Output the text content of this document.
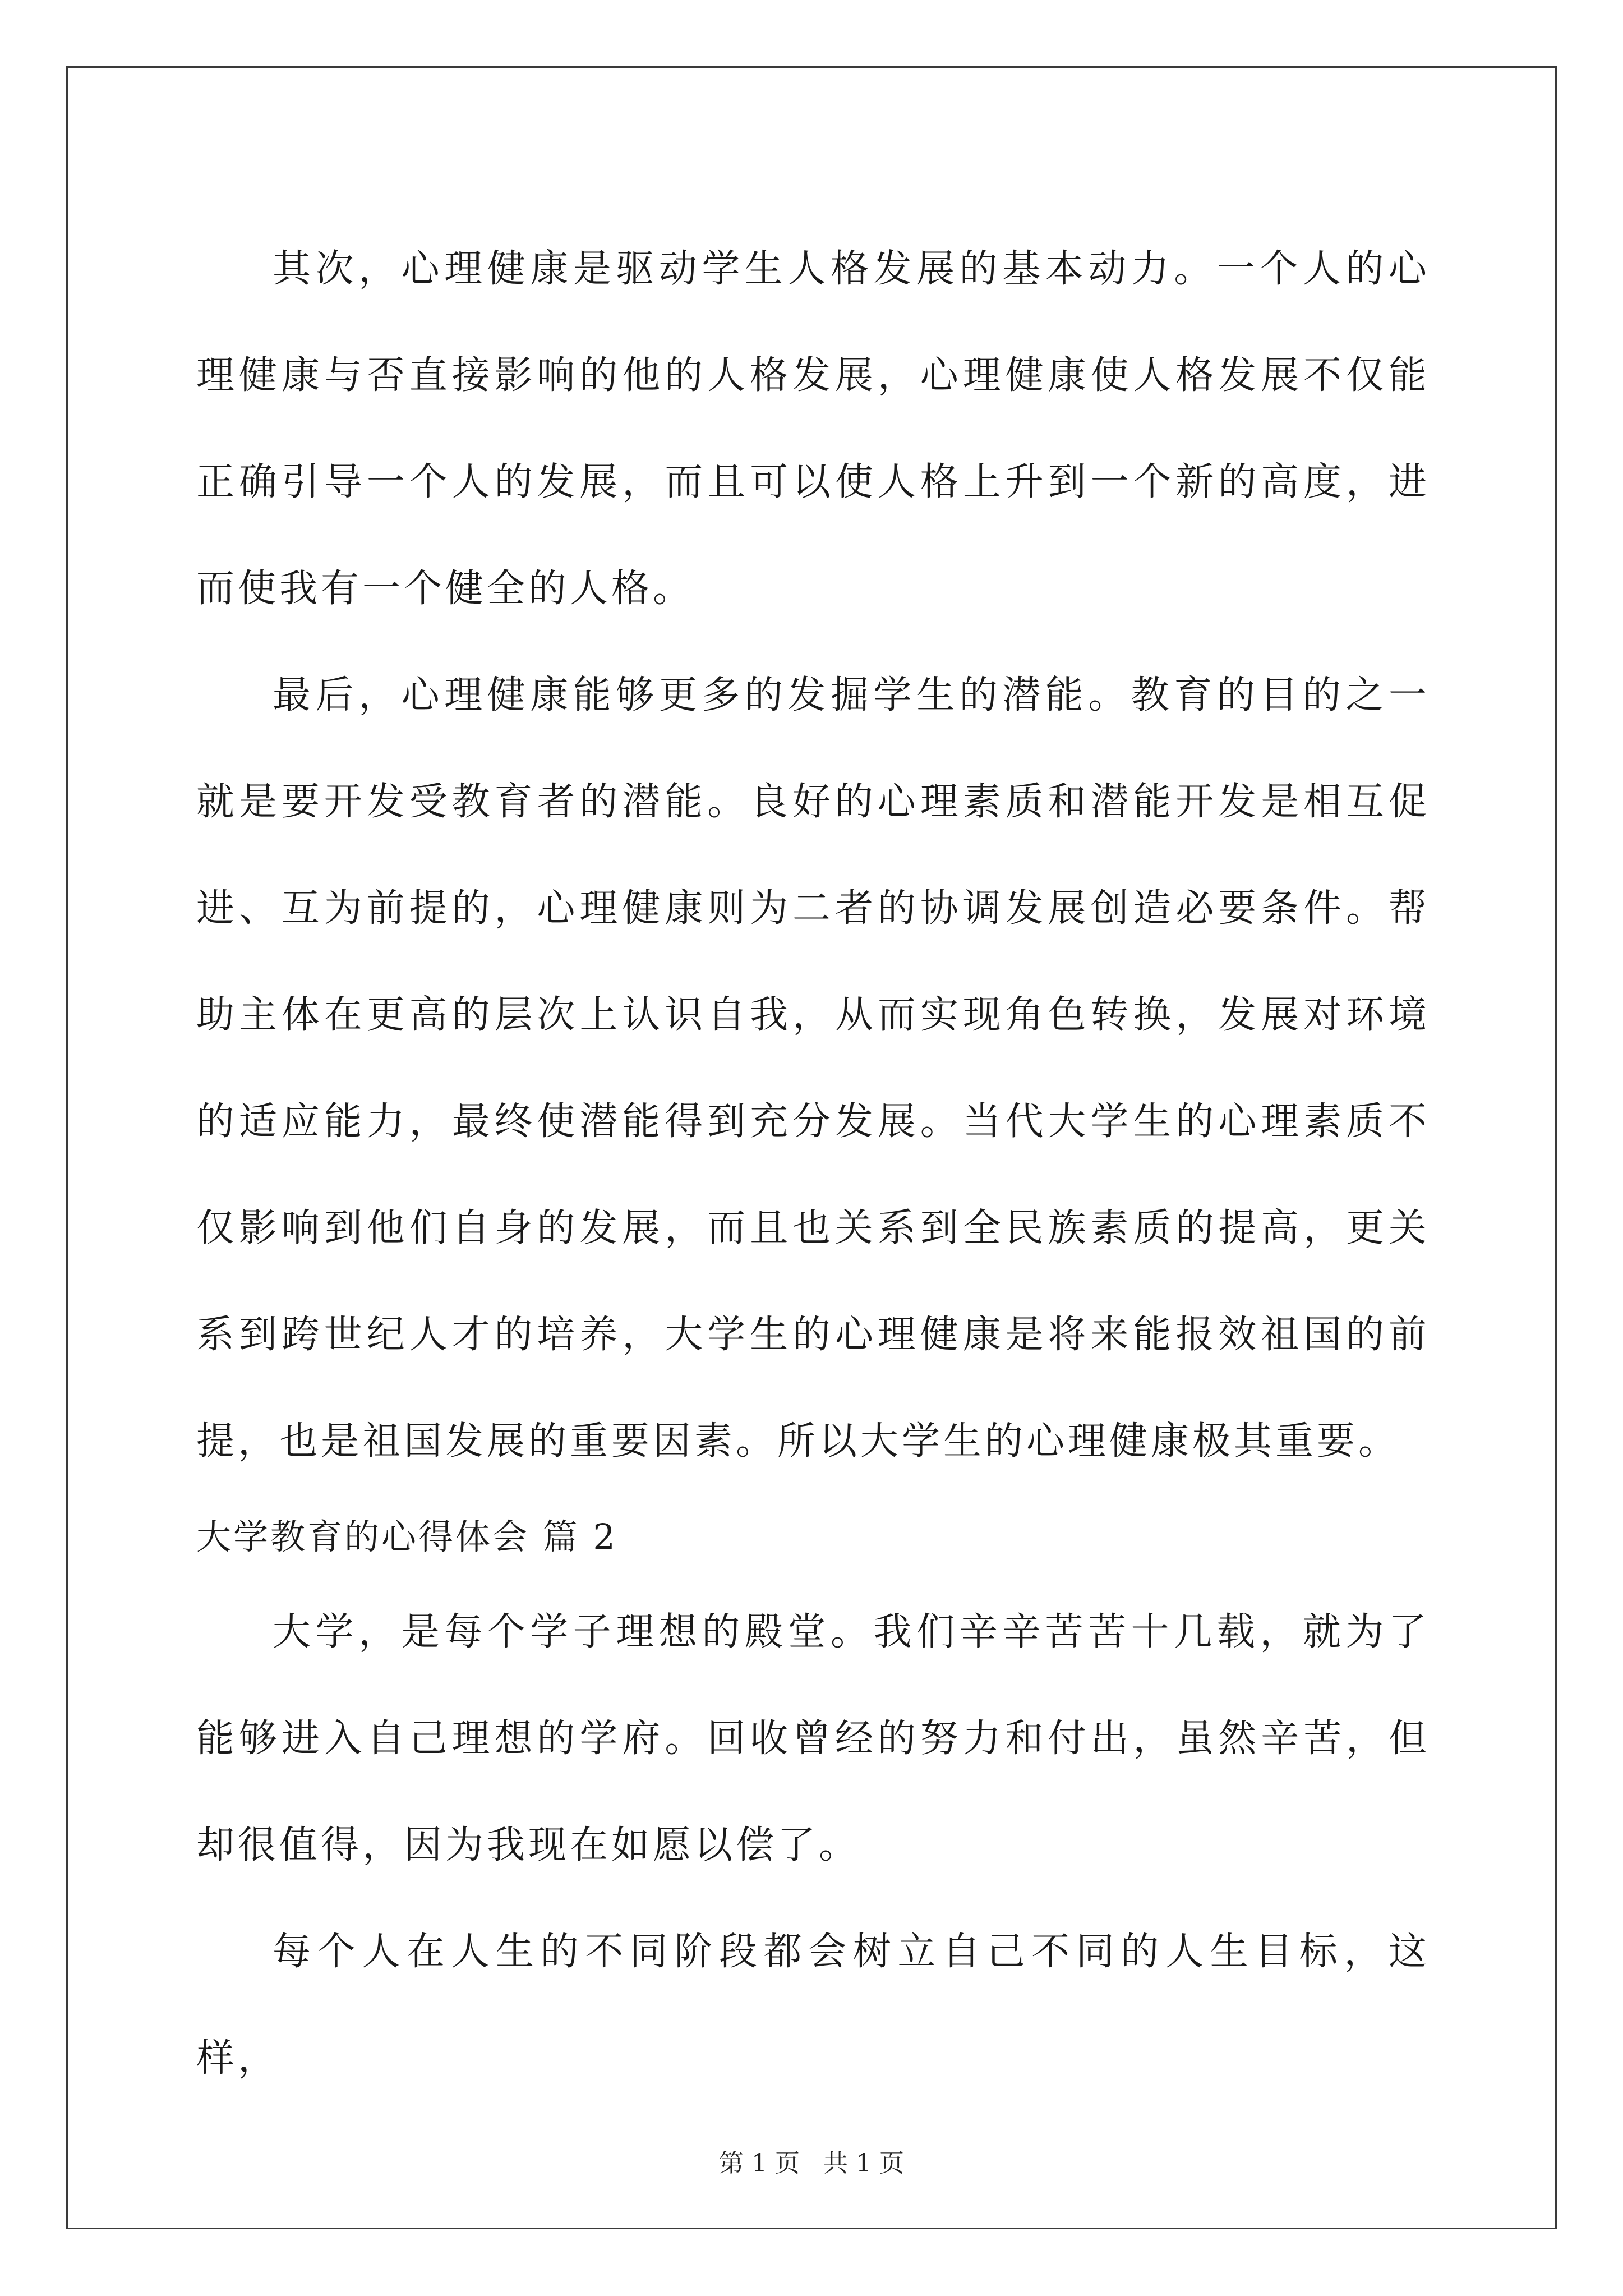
其次，心理健康是驱动学生人格发展的基本动力。一个人的心理健康与否直接影响的他的人格发展，心理健康使人格发展不仅能正确引导一个人的发展，而且可以使人格上升到一个新的高度，进而使我有一个健全的人格。

最后，心理健康能够更多的发掘学生的潜能。教育的目的之一就是要开发受教育者的潜能。良好的心理素质和潜能开发是相互促进、互为前提的，心理健康则为二者的协调发展创造必要条件。帮助主体在更高的层次上认识自我，从而实现角色转换，发展对环境的适应能力，最终使潜能得到充分发展。当代大学生的心理素质不仅影响到他们自身的发展，而且也关系到全民族素质的提高，更关系到跨世纪人才的培养，大学生的心理健康是将来能报效祖国的前提，也是祖国发展的重要因素。所以大学生的心理健康极其重要。

大学教育的心得体会 篇 2

大学，是每个学子理想的殿堂。我们辛辛苦苦十几载，就为了能够进入自己理想的学府。回收曾经的努力和付出，虽然辛苦，但却很值得，因为我现在如愿以偿了。

每个人在人生的不同阶段都会树立自己不同的人生目标，这样，

第 1 页   共 1 页
